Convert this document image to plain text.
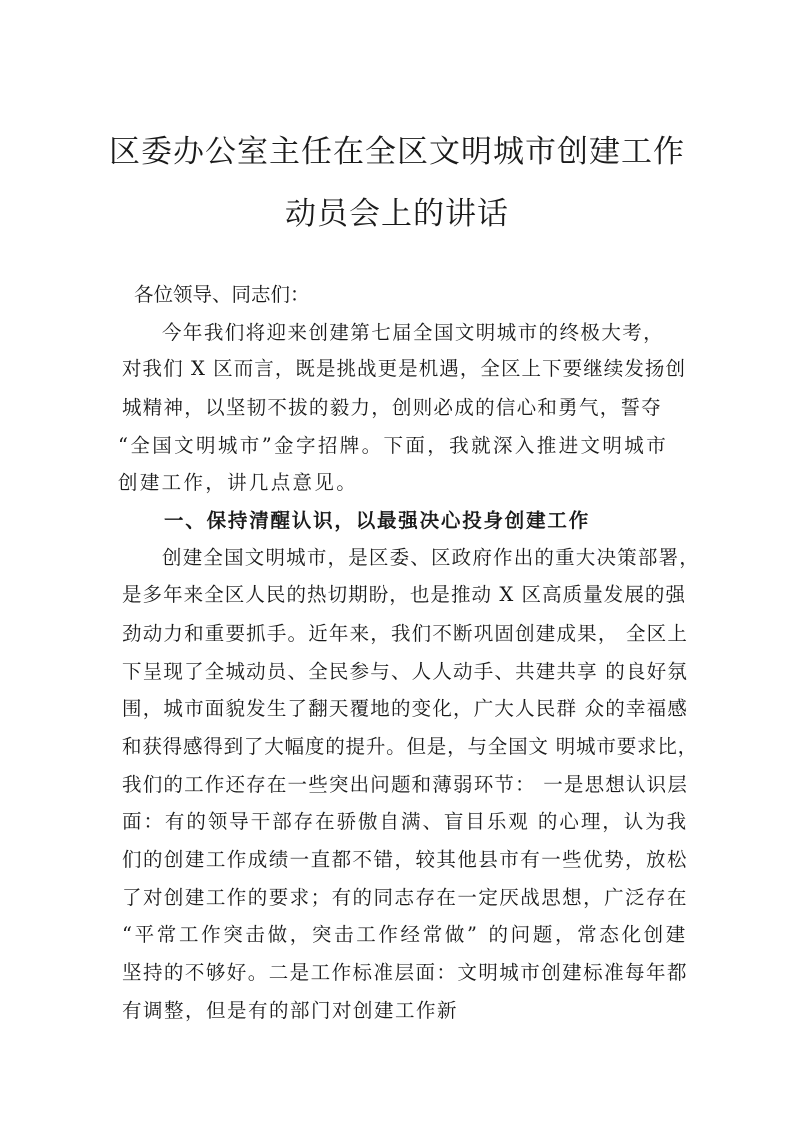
区委办公室主任在全区文明城市创建工作
动员会上的讲话
各位领导、同志们：
今年我们将迎来创建第七届全国文明城市的终极大考，
对我们 X 区而言，既是挑战更是机遇，全区上下要继续发扬创
城精神，以坚韧不拔的毅力，创则必成的信心和勇气，誓夺
“全国文明城市”金字招牌。下面，我就深入推进文明城市
创建工作，讲几点意见。
一、保持清醒认识，以最强决心投身创建工作
创建全国文明城市，是区委、区政府作出的重大决策部署，
是多年来全区人民的热切期盼，也是推动 X 区高质量发展的强
劲动力和重要抓手。近年来，我们不断巩固创建成果， 全区上
下呈现了全城动员、全民参与、人人动手、共建共享 的良好氛
围，城市面貌发生了翻天覆地的变化，广大人民群 众的幸福感
和获得感得到了大幅度的提升。但是，与全国文 明城市要求比，
我们的工作还存在一些突出问题和薄弱环节： 一是思想认识层
面：有的领导干部存在骄傲自满、盲目乐观 的心理，认为我
们的创建工作成绩一直都不错，较其他县市有一些优势，放松
了对创建工作的要求；有的同志存在一定厌战思想，广泛存在
“平常工作突击做，突击工作经常做” 的问题，常态化创建
坚持的不够好。二是工作标准层面：文明城市创建标准每年都
有调整，但是有的部门对创建工作新
